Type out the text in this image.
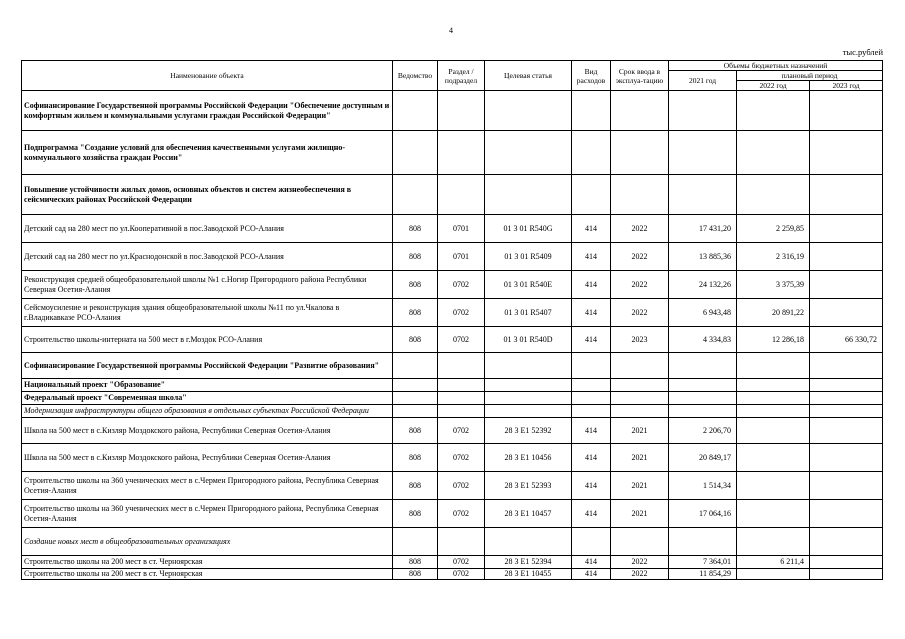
4
тыс.рублей
Наименование объекта	Ведомство	Раздел / подраздел	Целевая статья	Вид расходов	Срок ввода в эксплуа-тацию	Объемы бюджетных назначений		
						2021 год	плановый период	
							2022 год	2023 год
Софинансирование Государственной программы Российской Федерации "Обеспечение доступным и комфортным жильем и коммунальными услугами граждан Российской Федерации"								
Подпрограмма "Создание условий для обеспечения качественными услугами жилищно-коммунального хозяйства граждан России"								
Повышение устойчивости жилых домов, основных объектов и систем жизнеобеспечения в сейсмических районах Российской Федерации								
Детский сад на 280 мест по ул.Кооперативной в пос.Заводской РСО-Алания	808	0701	01 3 01 R540G	414	2022	17 431,20	2 259,85	
Детский сад на 280 мест по ул.Краснодонской в пос.Заводской РСО-Алания	808	0701	01 3 01 R5409	414	2022	13 885,36	2 316,19	
Реконструкция средней общеобразовательной школы №1 с.Ногир Пригородного района Республики Северная Осетия-Алания	808	0702	01 3 01 R540E	414	2022	24 132,26	3 375,39	
Сейсмоусиление и реконструкция здания общеобразовательной школы №11 по ул.Чкалова в г.Владикавказе РСО-Алания	808	0702	01 3 01 R5407	414	2022	6 943,48	20 891,22	
Строительство школы-интерната на 500 мест в г.Моздок РСО-Алания	808	0702	01 3 01 R540D	414	2023	4 334,83	12 286,18	66 330,72
Софинансирование Государственной программы Российской Федерации "Развитие образования"								
Национальный проект "Образование"								
Федеральный проект "Современная школа"								
Модернизация инфраструктуры общего образования в отдельных субъектах Российской Федерации								
Школа на 500 мест в с.Кизляр Моздокского района, Республики Северная Осетия-Алания	808	0702	28 3 E1 52392	414	2021	2 206,70		
Школа на 500 мест в с.Кизляр Моздокского района, Республики Северная Осетия-Алания	808	0702	28 3 E1 10456	414	2021	20 849,17		
Строительство школы на 360 ученических мест в с.Чермен Пригородного района, Республика Северная Осетия-Алания	808	0702	28 3 E1 52393	414	2021	1 514,34		
Строительство школы на 360 ученических мест в с.Чермен Пригородного района, Республика Северная Осетия-Алания	808	0702	28 3 E1 10457	414	2021	17 064,16		
Создание новых мест в общеобразовательных организациях								
Строительство школы на 200 мест в ст. Черноярская	808	0702	28 3 E1 52394	414	2022	7 364,01	6 211,4	
Строительство школы на 200 мест в ст. Черноярская	808	0702	28 3 E1 10455	414	2022	11 854,29		
